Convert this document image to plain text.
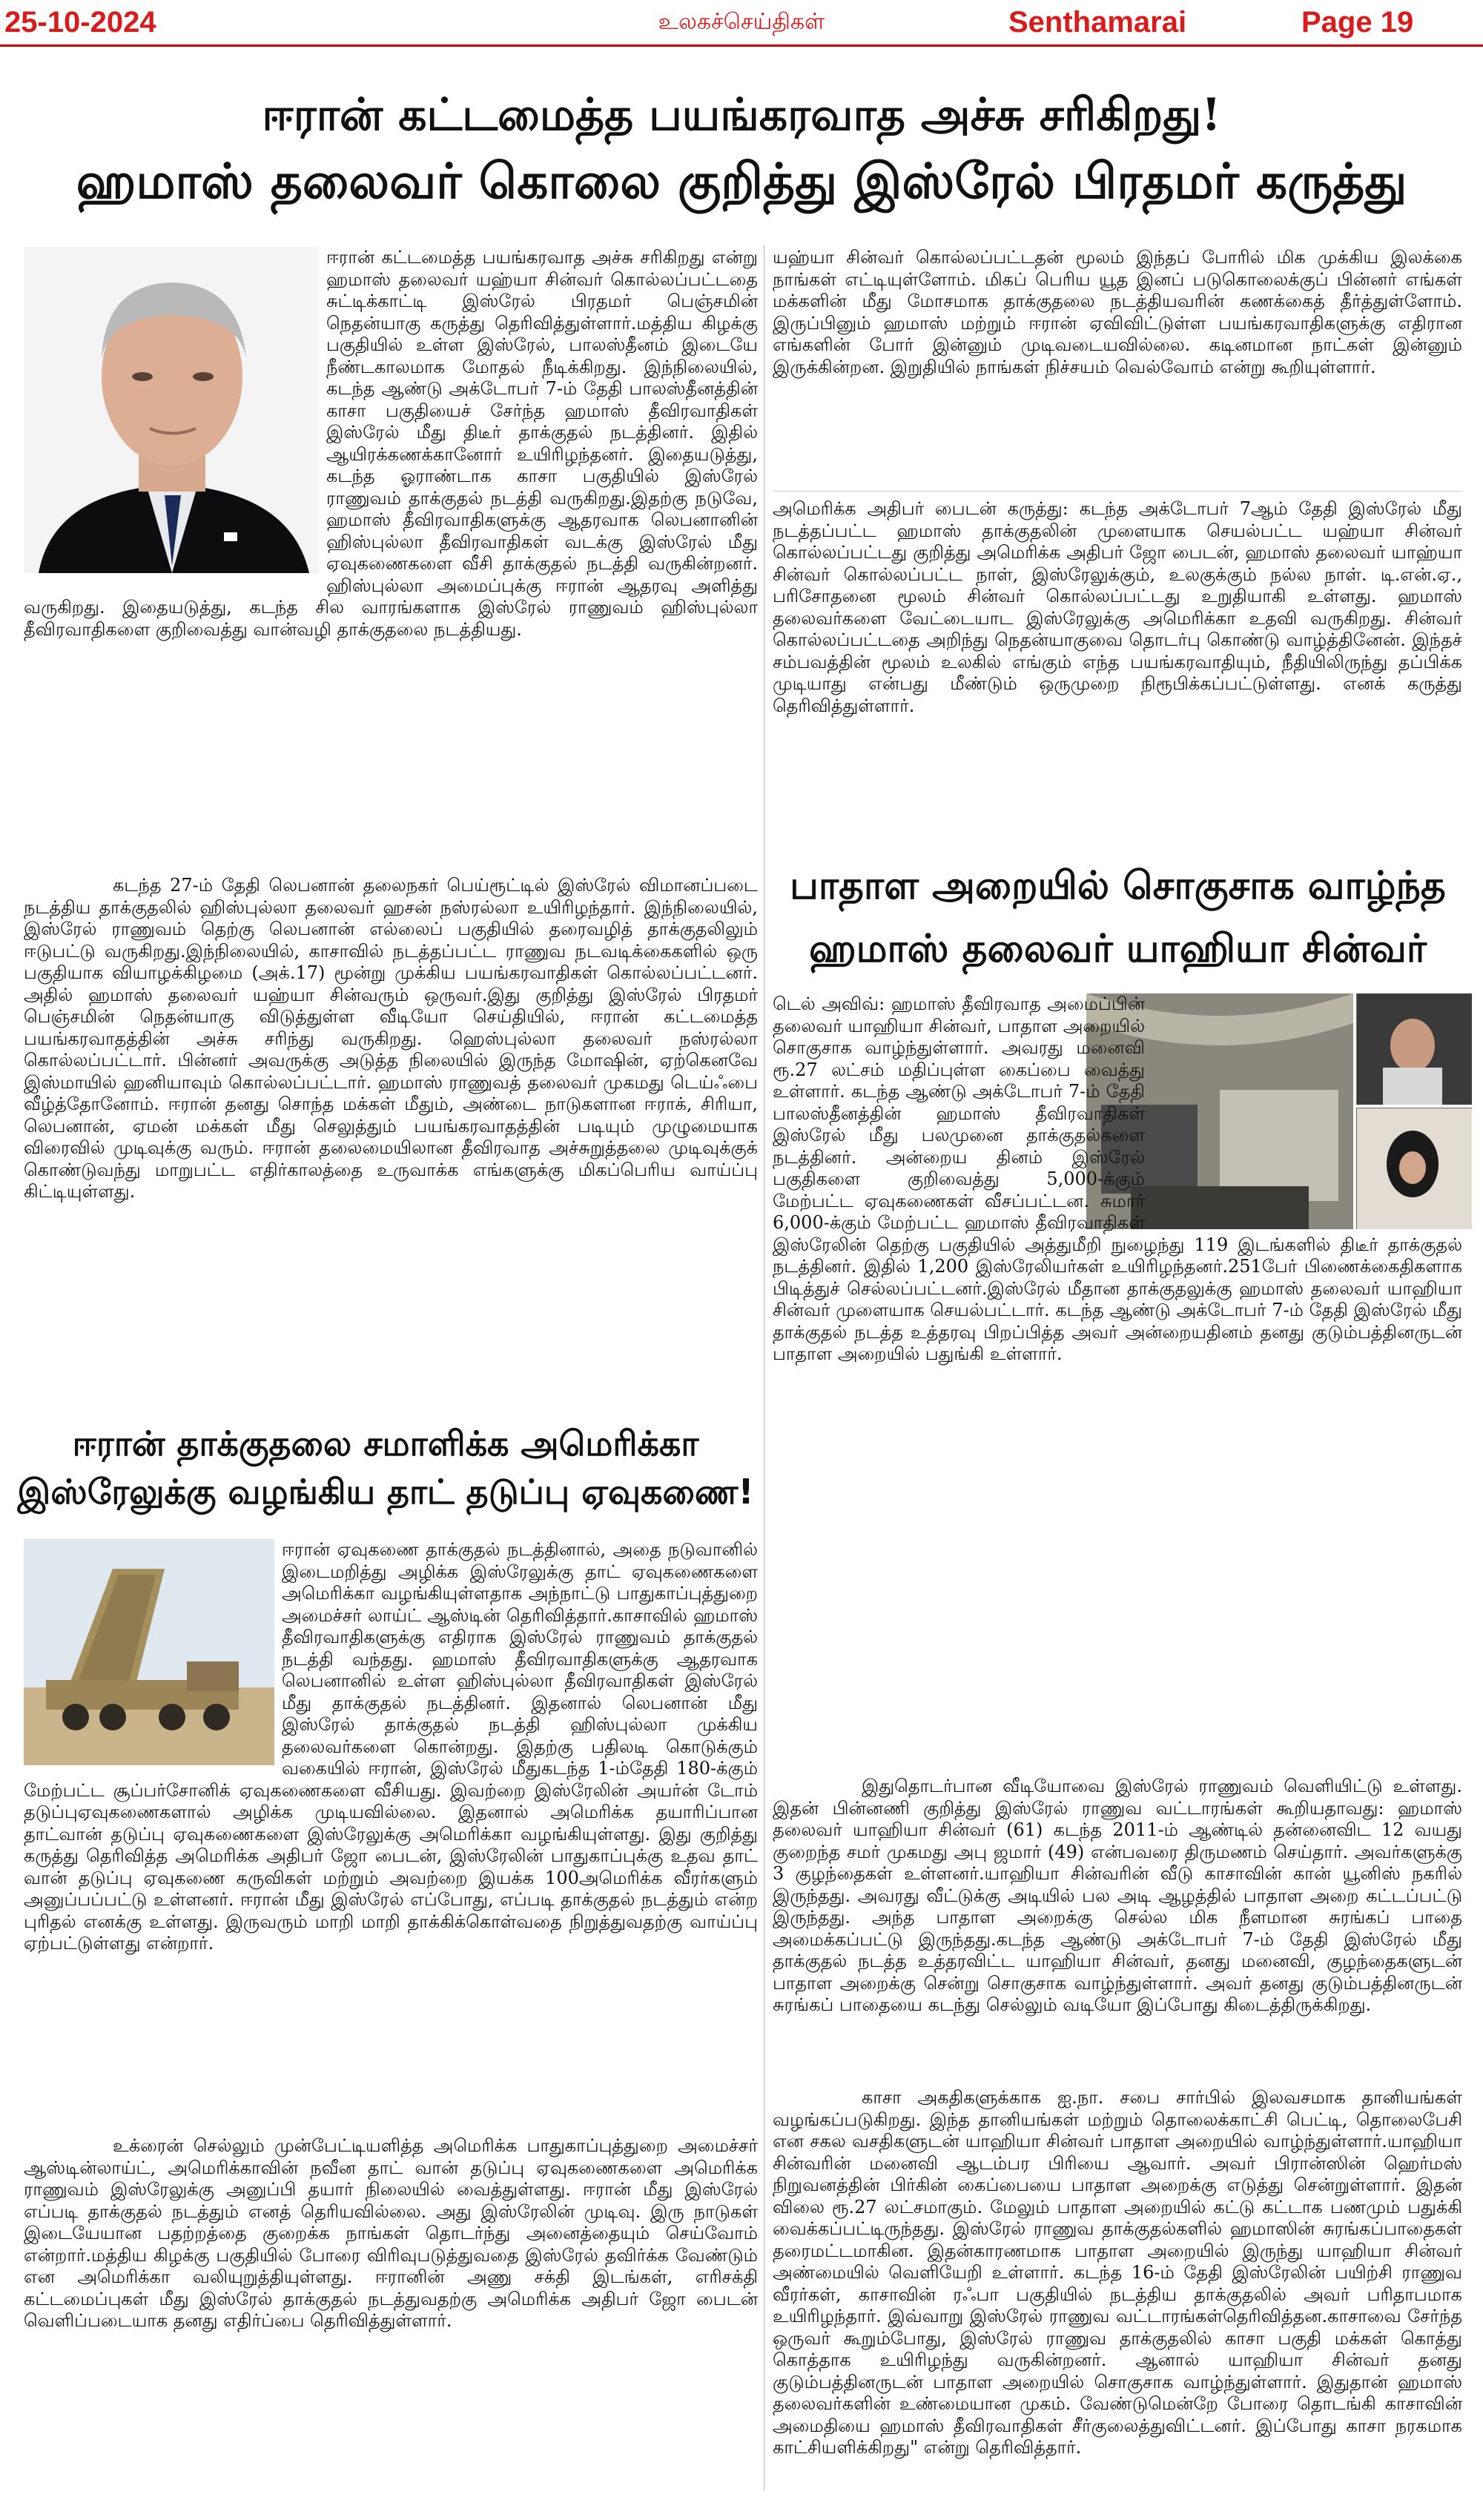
25-10-2024	உலகச்செய்திகள்	Senthamarai	Page 19
ஈரான் கட்டமைத்த பயங்கரவாத அச்சு சரிகிறது!
ஹமாஸ் தலைவர் கொலை குறித்து இஸ்ரேல் பிரதமர் கருத்து
ஈரான் கட்டமைத்த பயங்கரவாத அச்சு சரிகிறது என்று ஹமாஸ் தலைவர் யஹ்யா சின்வர் கொல்லப்பட்டதை சுட்டிக்காட்டி இஸ்ரேல் பிரதமர் பெஞ்சமின் நெதன்யாகு கருத்து தெரிவித்துள்ளார்.மத்திய கிழக்கு பகுதியில் உள்ள இஸ்ரேல், பாலஸ்தீனம் இடையே நீண்டகாலமாக மோதல் நீடிக்கிறது. இந்நிலையில், கடந்த ஆண்டு அக்டோபர் 7-ம் தேதி பாலஸ்தீனத்தின் காசா பகுதியைச் சேர்ந்த ஹமாஸ் தீவிரவாதிகள் இஸ்ரேல் மீது திடீர் தாக்குதல் நடத்தினர். இதில் ஆயிரக்கணக்கானோர் உயிரிழந்தனர். இதையடுத்து, கடந்த ஓராண்டாக காசா பகுதியில் இஸ்ரேல் ராணுவம் தாக்குதல் நடத்தி வருகிறது.இதற்கு நடுவே, ஹமாஸ் தீவிரவாதிகளுக்கு ஆதரவாக லெபனானின் ஹிஸ்புல்லா தீவிரவாதிகள் வடக்கு இஸ்ரேல் மீது ஏவுகணைகளை வீசி தாக்குதல் நடத்தி வருகின்றனர். ஹிஸ்புல்லா அமைப்புக்கு ஈரான் ஆதரவு அளித்து வருகிறது. இதையடுத்து, கடந்த சில வாரங்களாக இஸ்ரேல் ராணுவம் ஹிஸ்புல்லா தீவிரவாதிகளை குறிவைத்து வான்வழி தாக்குதலை நடத்தியது.
கடந்த 27-ம் தேதி லெபனான் தலைநகர் பெய்ரூட்டில் இஸ்ரேல் விமானப்படை நடத்திய தாக்குதலில் ஹிஸ்புல்லா தலைவர் ஹசன் நஸ்ரல்லா உயிரிழந்தார். இந்நிலையில், இஸ்ரேல் ராணுவம் தெற்கு லெபனான் எல்லைப் பகுதியில் தரைவழித் தாக்குதலிலும் ஈடுபட்டு வருகிறது.இந்நிலையில், காசாவில் நடத்தப்பட்ட ராணுவ நடவடிக்கைகளில் ஒரு பகுதியாக வியாழக்கிழமை (அக்.17) மூன்று முக்கிய பயங்கரவாதிகள் கொல்லப்பட்டனர். அதில் ஹமாஸ் தலைவர் யஹ்யா சின்வரும் ஒருவர்.இது குறித்து இஸ்ரேல் பிரதமர் பெஞ்சமின் நெதன்யாகு விடுத்துள்ள வீடியோ செய்தியில், ஈரான் கட்டமைத்த பயங்கரவாதத்தின் அச்சு சரிந்து வருகிறது. ஹெஸ்புல்லா தலைவர் நஸ்ரல்லா கொல்லப்பட்டார். பின்னர் அவருக்கு அடுத்த நிலையில் இருந்த மோஷின், ஏற்கெனவே இஸ்மாயில் ஹனியாவும் கொல்லப்பட்டார். ஹமாஸ் ராணுவத் தலைவர் முகமது டெய்ஃபை வீழ்த்தோனோம். ஈரான் தனது சொந்த மக்கள் மீதும், அண்டை நாடுகளான ஈராக், சிரியா, லெபனான், ஏமன் மக்கள் மீது செலுத்தும் பயங்கரவாதத்தின் படியும் முழுமையாக விரைவில் முடிவுக்கு வரும். ஈரான் தலைமையிலான தீவிரவாத அச்சுறுத்தலை முடிவுக்குக் கொண்டுவந்து மாறுபட்ட எதிர்காலத்தை உருவாக்க எங்களுக்கு மிகப்பெரிய வாய்ப்பு கிட்டியுள்ளது.
ஈரான் தாக்குதலை சமாளிக்க அமெரிக்கா
இஸ்ரேலுக்கு வழங்கிய தாட் தடுப்பு ஏவுகணை!
ஈரான் ஏவுகணை தாக்குதல் நடத்தினால், அதை நடுவானில் இடைமறித்து அழிக்க இஸ்ரேலுக்கு தாட் ஏவுகணைகளை அமெரிக்கா வழங்கியுள்ளதாக அந்நாட்டு பாதுகாப்புத்துறை அமைச்சர் லாய்ட் ஆஸ்டின் தெரிவித்தார்.காசாவில் ஹமாஸ் தீவிரவாதிகளுக்கு எதிராக இஸ்ரேல் ராணுவம் தாக்குதல் நடத்தி வந்தது. ஹமாஸ் தீவிரவாதிகளுக்கு ஆதரவாக லெபனானில் உள்ள ஹிஸ்புல்லா தீவிரவாதிகள் இஸ்ரேல் மீது தாக்குதல் நடத்தினர். இதனால் லெபனான் மீது இஸ்ரேல் தாக்குதல் நடத்தி ஹிஸ்புல்லா முக்கிய தலைவர்களை கொன்றது. இதற்கு பதிலடி கொடுக்கும் வகையில் ஈரான், இஸ்ரேல் மீதுகடந்த 1-ம்தேதி 180-க்கும் மேற்பட்ட சூப்பர்சோனிக் ஏவுகணைகளை வீசியது. இவற்றை இஸ்ரேலின் அயர்ன் டோம் தடுப்புஏவுகணைகளால் அழிக்க முடியவில்லை. இதனால் அமெரிக்க தயாரிப்பான தாட்வான் தடுப்பு ஏவுகணைகளை இஸ்ரேலுக்கு அமெரிக்கா வழங்கியுள்ளது. இது குறித்து கருத்து தெரிவித்த அமெரிக்க அதிபர் ஜோ பைடன், இஸ்ரேலின் பாதுகாப்புக்கு உதவ தாட் வான் தடுப்பு ஏவுகணை கருவிகள் மற்றும் அவற்றை இயக்க 100அமெரிக்க வீரர்களும் அனுப்பப்பட்டு உள்ளனர். ஈரான் மீது இஸ்ரேல் எப்போது, எப்படி தாக்குதல் நடத்தும் என்ற புரிதல் எனக்கு உள்ளது. இருவரும் மாறி மாறி தாக்கிக்கொள்வதை நிறுத்துவதற்கு வாய்ப்பு ஏற்பட்டுள்ளது என்றார்.
உக்ரைன் செல்லும் முன்பேட்டியளித்த அமெரிக்க பாதுகாப்புத்துறை அமைச்சர் ஆஸ்டின்லாய்ட், அமெரிக்காவின் நவீன தாட் வான் தடுப்பு ஏவுகணைகளை அமெரிக்க ராணுவம் இஸ்ரேலுக்கு அனுப்பி தயார் நிலையில் வைத்துள்ளது. ஈரான் மீது இஸ்ரேல் எப்படி தாக்குதல் நடத்தும் எனத் தெரியவில்லை. அது இஸ்ரேலின் முடிவு. இரு நாடுகள் இடையேயான பதற்றத்தை குறைக்க நாங்கள் தொடர்ந்து அனைத்தையும் செய்வோம் என்றார்.மத்திய கிழக்கு பகுதியில் போரை விரிவுபடுத்துவதை இஸ்ரேல் தவிர்க்க வேண்டும் என அமெரிக்கா வலியுறுத்தியுள்ளது. ஈரானின் அணு சக்தி இடங்கள், எரிசக்தி கட்டமைப்புகள் மீது இஸ்ரேல் தாக்குதல் நடத்துவதற்கு அமெரிக்க அதிபர் ஜோ பைடன் வெளிப்படையாக தனது எதிர்ப்பை தெரிவித்துள்ளார்.
யஹ்யா சின்வர் கொல்லப்பட்டதன் மூலம் இந்தப் போரில் மிக முக்கிய இலக்கை நாங்கள் எட்டியுள்ளோம். மிகப் பெரிய யூத இனப் படுகொலைக்குப் பின்னர் எங்கள் மக்களின் மீது மோசமாக தாக்குதலை நடத்தியவரின் கணக்கைத் தீர்த்துள்ளோம். இருப்பினும் ஹமாஸ் மற்றும் ஈரான் ஏவிவிட்டுள்ள பயங்கரவாதிகளுக்கு எதிரான எங்களின் போர் இன்னும் முடிவடையவில்லை. கடினமான நாட்கள் இன்னும் இருக்கின்றன. இறுதியில் நாங்கள் நிச்சயம் வெல்வோம் என்று கூறியுள்ளார்.
அமெரிக்க அதிபர் பைடன் கருத்து: கடந்த அக்டோபர் 7ஆம் தேதி இஸ்ரேல் மீது நடத்தப்பட்ட ஹமாஸ் தாக்குதலின் முளையாக செயல்பட்ட யஹ்யா சின்வர் கொல்லப்பட்டது குறித்து அமெரிக்க அதிபர் ஜோ பைடன், ஹமாஸ் தலைவர் யாஹ்யா சின்வர் கொல்லப்பட்ட நாள், இஸ்ரேலுக்கும், உலகுக்கும் நல்ல நாள். டி.என்.ஏ., பரிசோதனை மூலம் சின்வர் கொல்லப்பட்டது உறுதியாகி உள்ளது. ஹமாஸ் தலைவர்களை வேட்டையாட இஸ்ரேலுக்கு அமெரிக்கா உதவி வருகிறது. சின்வர் கொல்லப்பட்டதை அறிந்து நெதன்யாகுவை தொடர்பு கொண்டு வாழ்த்தினேன். இந்தச் சம்பவத்தின் மூலம் உலகில் எங்கும் எந்த பயங்கரவாதியும், நீதியிலிருந்து தப்பிக்க முடியாது என்பது மீண்டும் ஒருமுறை நிரூபிக்கப்பட்டுள்ளது. எனக் கருத்து தெரிவித்துள்ளார்.
பாதாள அறையில் சொகுசாக வாழ்ந்த
ஹமாஸ் தலைவர் யாஹியா சின்வர்
டெல் அவிவ்: ஹமாஸ் தீவிரவாத அமைப்பின் தலைவர் யாஹியா சின்வர், பாதாள அறையில் சொகுசாக வாழ்ந்துள்ளார். அவரது மனைவி ரூ.27 லட்சம் மதிப்புள்ள கைப்பை வைத்து உள்ளார். கடந்த ஆண்டு அக்டோபர் 7-ம் தேதி பாலஸ்தீனத்தின் ஹமாஸ் தீவிரவாதிகள் இஸ்ரேல் மீது பலமுனை தாக்குதல்களை நடத்தினர். அன்றைய தினம் இஸ்ரேல் பகுதிகளை குறிவைத்து 5,000-க்கும் மேற்பட்ட ஏவுகணைகள் வீசப்பட்டன. சுமார் 6,000-க்கும் மேற்பட்ட ஹமாஸ் தீவிரவாதிகள் இஸ்ரேலின் தெற்கு பகுதியில் அத்துமீறி நுழைந்து 119 இடங்களில் திடீர் தாக்குதல் நடத்தினர். இதில் 1,200 இஸ்ரேலியர்கள் உயிரிழந்தனர்.251பேர் பிணைக்கைதிகளாக பிடித்துச் செல்லப்பட்டனர்.இஸ்ரேல் மீதான தாக்குதலுக்கு ஹமாஸ் தலைவர் யாஹியா சின்வர் முளையாக செயல்பட்டார். கடந்த ஆண்டு அக்டோபர் 7-ம் தேதி இஸ்ரேல் மீது தாக்குதல் நடத்த உத்தரவு பிறப்பித்த அவர் அன்றையதினம் தனது குடும்பத்தினருடன் பாதாள அறையில் பதுங்கி உள்ளார்.
இதுதொடர்பான வீடியோவை இஸ்ரேல் ராணுவம் வெளியிட்டு உள்ளது. இதன் பின்னணி குறித்து இஸ்ரேல் ராணுவ வட்டாரங்கள் கூறியதாவது: ஹமாஸ் தலைவர் யாஹியா சின்வர் (61) கடந்த 2011-ம் ஆண்டில் தன்னைவிட 12 வயது குறைந்த சமர் முகமது அபு ஜமார் (49) என்பவரை திருமணம் செய்தார். அவர்களுக்கு 3 குழந்தைகள் உள்ளனர்.யாஹியா சின்வரின் வீடு காசாவின் கான் யூனிஸ் நகரில் இருந்தது. அவரது வீட்டுக்கு அடியில் பல அடி ஆழத்தில் பாதாள அறை கட்டப்பட்டு இருந்தது. அந்த பாதாள அறைக்கு செல்ல மிக நீளமான சுரங்கப் பாதை அமைக்கப்பட்டு இருந்தது.கடந்த ஆண்டு அக்டோபர் 7-ம் தேதி இஸ்ரேல் மீது தாக்குதல் நடத்த உத்தரவிட்ட யாஹியா சின்வர், தனது மனைவி, குழந்தைகளுடன் பாதாள அறைக்கு சென்று சொகுசாக வாழ்ந்துள்ளார். அவர் தனது குடும்பத்தினருடன் சுரங்கப் பாதையை கடந்து செல்லும் வடியோ இப்போது கிடைத்திருக்கிறது.
காசா அகதிகளுக்காக ஐ.நா. சபை சார்பில் இலவசமாக தானியங்கள் வழங்கப்படுகிறது. இந்த தானியங்கள் மற்றும் தொலைக்காட்சி பெட்டி, தொலைபேசி என சகல வசதிகளுடன் யாஹியா சின்வர் பாதாள அறையில் வாழ்ந்துள்ளார்.யாஹியா சின்வரின் மனைவி ஆடம்பர பிரியை ஆவார். அவர் பிரான்ஸின் ஹெர்மஸ் நிறுவனத்தின் பிர்கின் கைப்பையை பாதாள அறைக்கு எடுத்து சென்றுள்ளார். இதன் விலை ரூ.27 லட்சமாகும். மேலும் பாதாள அறையில் கட்டு கட்டாக பணமும் பதுக்கி வைக்கப்பட்டிருந்தது. இஸ்ரேல் ராணுவ தாக்குதல்களில் ஹமாஸின் சுரங்கப்பாதைகள் தரைமட்டமாகின. இதன்காரணமாக பாதாள அறையில் இருந்து யாஹியா சின்வர் அண்மையில் வெளியேறி உள்ளார். கடந்த 16-ம் தேதி இஸ்ரேலின் பயிற்சி ராணுவ வீரர்கள், காசாவின் ரஃபா பகுதியில் நடத்திய தாக்குதலில் அவர் பரிதாபமாக உயிரிழந்தார். இவ்வாறு இஸ்ரேல் ராணுவ வட்டாரங்கள்தெரிவித்தன.காசாவை சேர்ந்த ஒருவர் கூறும்போது, இஸ்ரேல் ராணுவ தாக்குதலில் காசா பகுதி மக்கள் கொத்து கொத்தாக உயிரிழந்து வருகின்றனர். ஆனால் யாஹியா சின்வர் தனது குடும்பத்தினருடன் பாதாள அறையில் சொகுசாக வாழ்ந்துள்ளார். இதுதான் ஹமாஸ் தலைவர்களின் உண்மையான முகம். வேண்டுமென்றே போரை தொடங்கி காசாவின் அமைதியை ஹமாஸ் தீவிரவாதிகள் சீர்குலைத்துவிட்டனர். இப்போது காசா நரகமாக காட்சியளிக்கிறது" என்று தெரிவித்தார்.
